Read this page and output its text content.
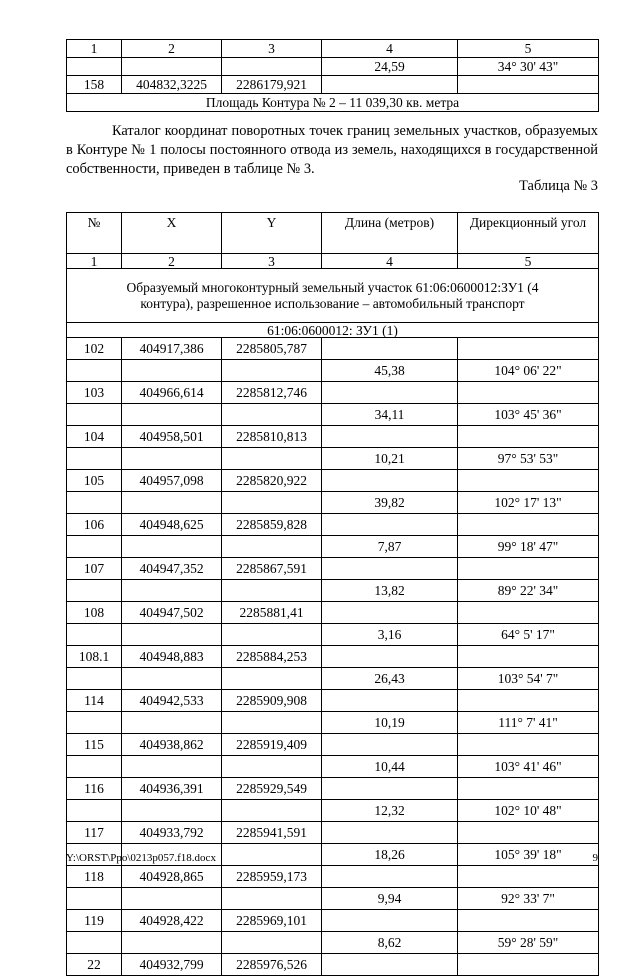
1	2	3	4	5
			24,59	34° 30' 43"
158	404832,3225	2286179,921		
Площадь Контура № 2 – 11 039,30 кв. метра				

Каталог координат поворотных точек границ земельных участков, образуемых в Контуре № 1 полосы постоянного отвода из земель, находящихся в государственной собственности, приведен в таблице № 3.

Таблица № 3
№	X	Y	Длина (метров)	Дирекционный угол
1	2	3	4	5
Образуемый многоконтурный земельный участок 61:06:0600012:ЗУ1 (4 контура), разрешенное использование – автомобильный транспорт				
61:06:0600012: ЗУ1 (1)				
102	404917,386	2285805,787		
			45,38	104° 06' 22"
103	404966,614	2285812,746		
			34,11	103° 45' 36"
104	404958,501	2285810,813		
			10,21	97° 53' 53"
105	404957,098	2285820,922		
			39,82	102° 17' 13"
106	404948,625	2285859,828		
			7,87	99° 18' 47"
107	404947,352	2285867,591		
			13,82	89° 22' 34"
108	404947,502	2285881,41		
			3,16	64° 5' 17"
108.1	404948,883	2285884,253		
			26,43	103° 54' 7"
114	404942,533	2285909,908		
			10,19	111° 7' 41"
115	404938,862	2285919,409		
			10,44	103° 41' 46"
116	404936,391	2285929,549		
			12,32	102° 10' 48"
117	404933,792	2285941,591		
			18,26	105° 39' 18"
118	404928,865	2285959,173		
			9,94	92° 33' 7"
119	404928,422	2285969,101		
			8,62	59° 28' 59"
22	404932,799	2285976,526		
Y:\ORST\Ppo\0213p057.f18.docx	9
